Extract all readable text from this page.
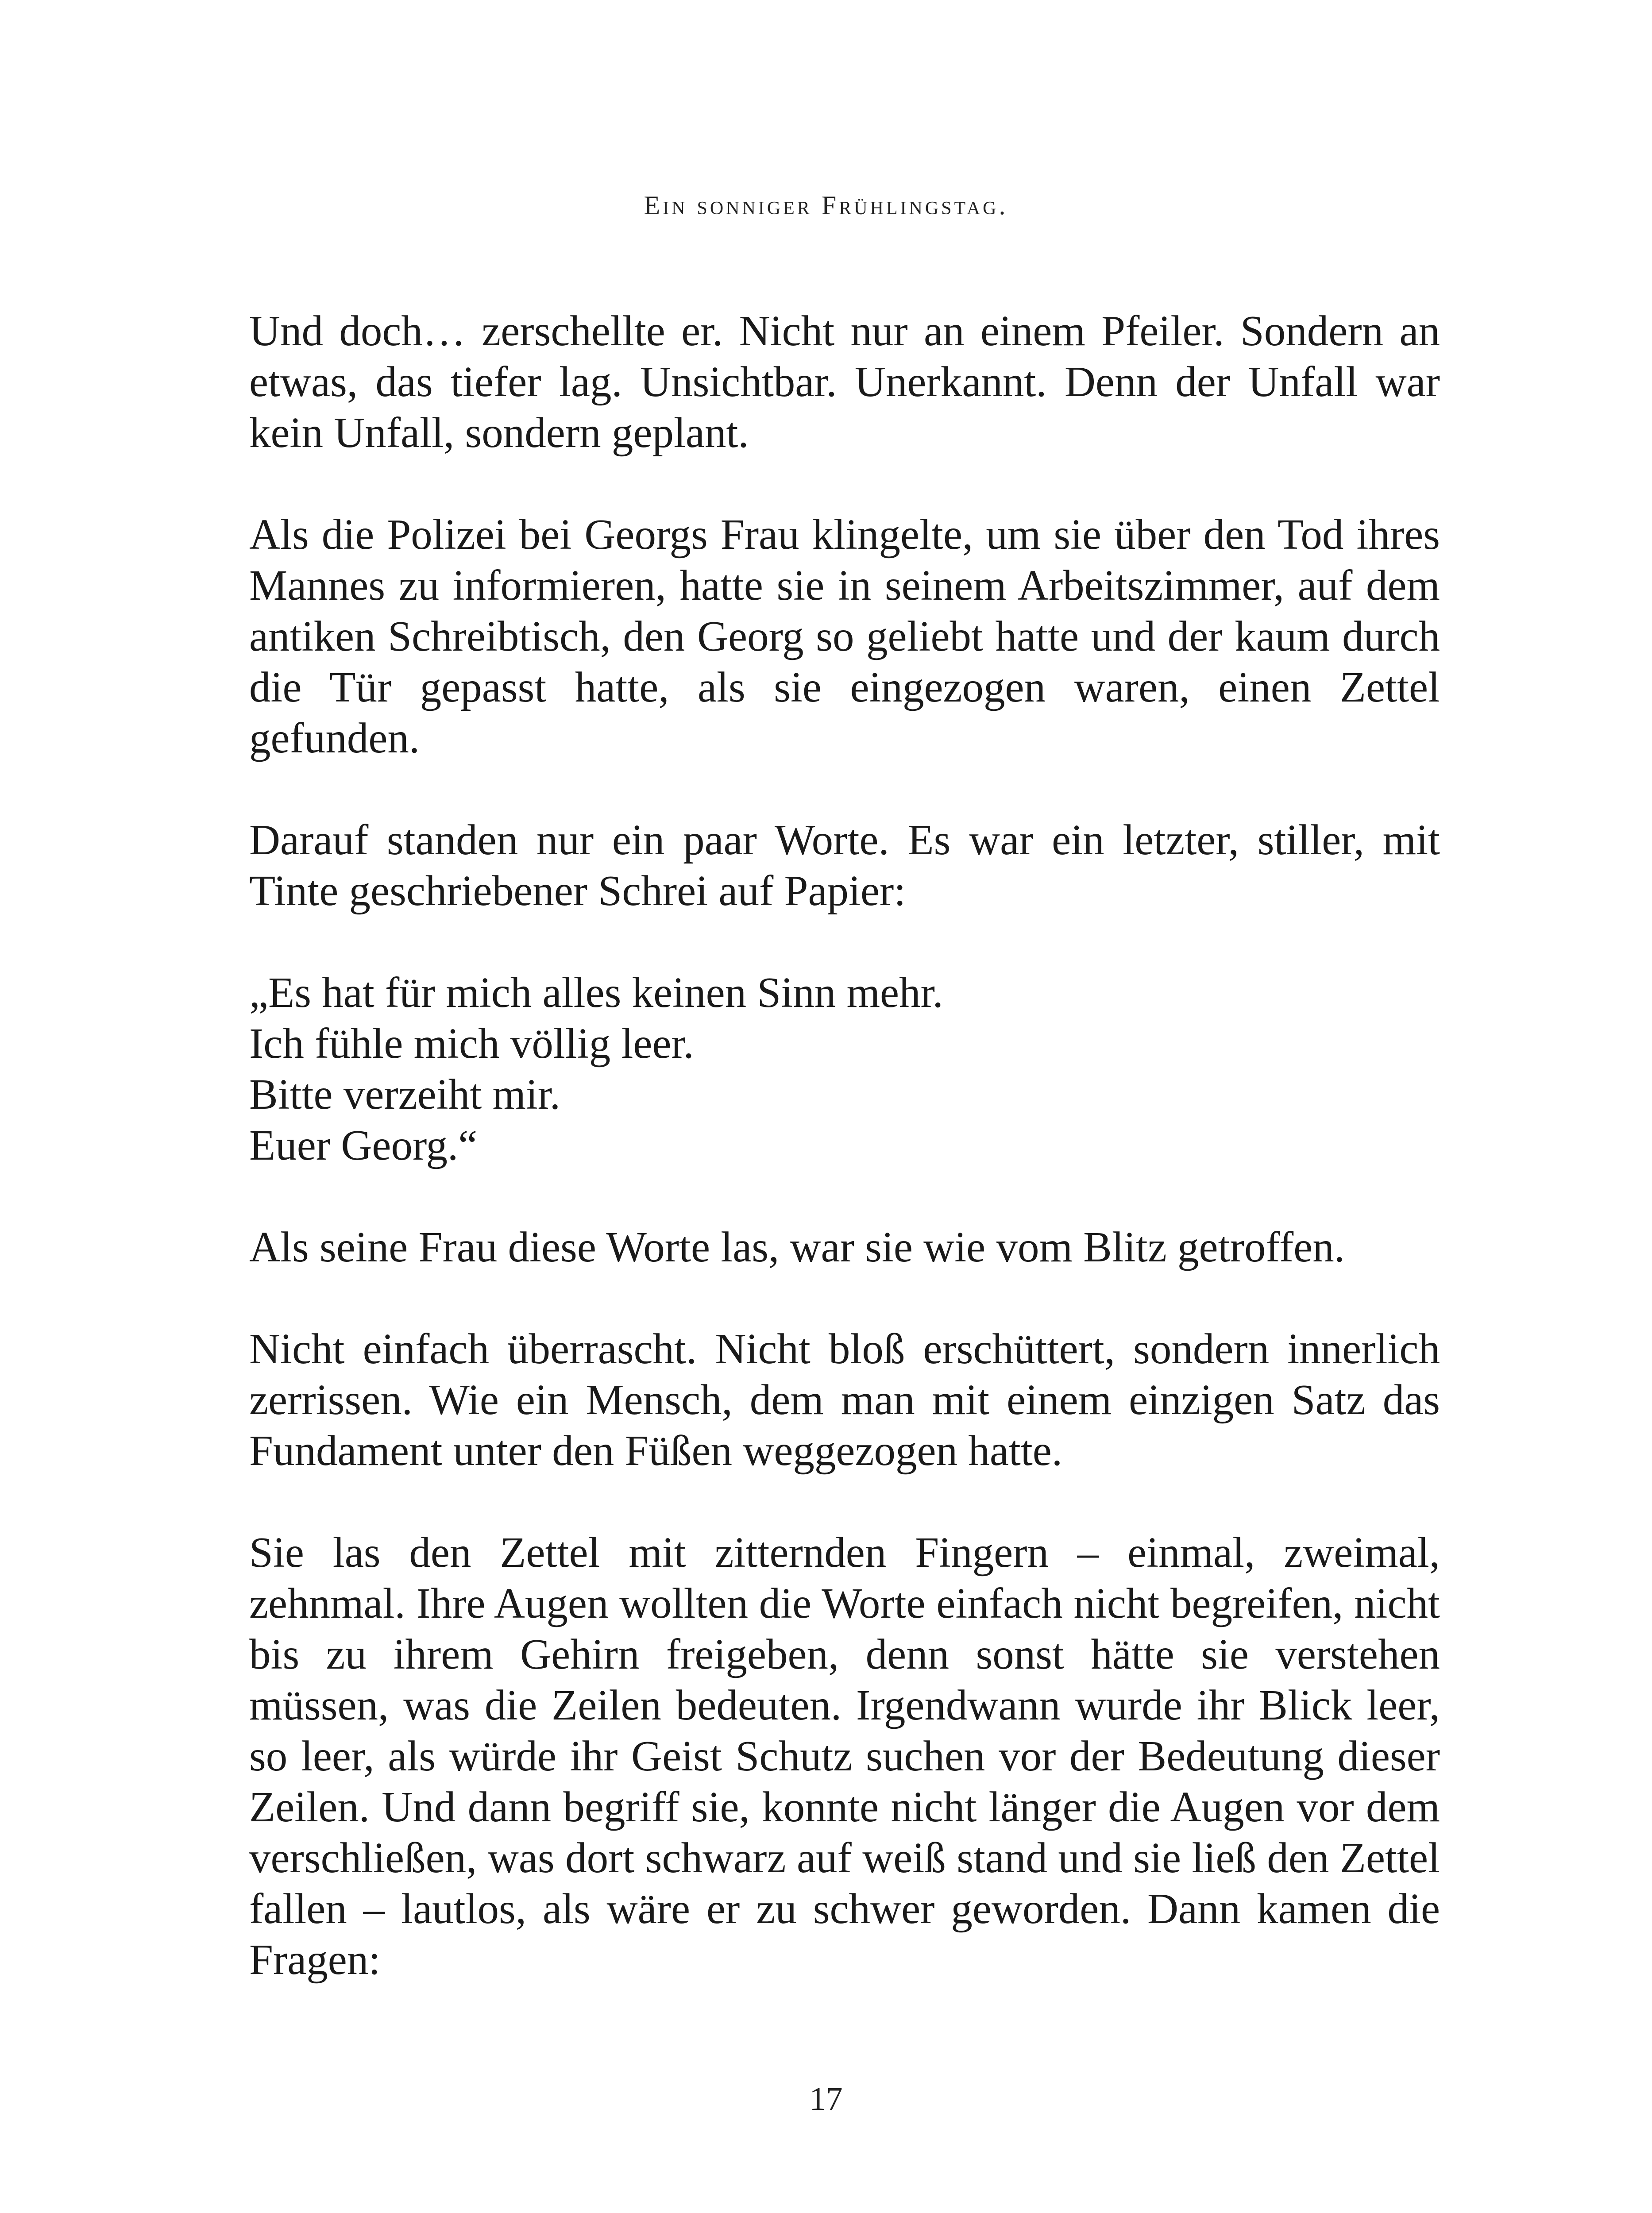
Ein sonniger Frühlingstag.

Und doch… zerschellte er. Nicht nur an einem Pfeiler. Sondern an etwas, das tiefer lag. Unsichtbar. Unerkannt. Denn der Unfall war kein Unfall, sondern geplant.

Als die Polizei bei Georgs Frau klingelte, um sie über den Tod ihres Mannes zu informieren, hatte sie in seinem Arbeitszimmer, auf dem antiken Schreibtisch, den Georg so geliebt hatte und der kaum durch die Tür gepasst hatte, als sie eingezogen waren, einen Zettel gefunden.

Darauf standen nur ein paar Worte. Es war ein letzter, stiller, mit Tinte geschriebener Schrei auf Papier:

„Es hat für mich alles keinen Sinn mehr.
Ich fühle mich völlig leer.
Bitte verzeiht mir.
Euer Georg.“

Als seine Frau diese Worte las, war sie wie vom Blitz getroffen.

Nicht einfach überrascht. Nicht bloß erschüttert, sondern innerlich zerrissen. Wie ein Mensch, dem man mit einem einzigen Satz das Fundament unter den Füßen weggezogen hatte.

Sie las den Zettel mit zitternden Fingern – einmal, zweimal, zehnmal. Ihre Augen wollten die Worte einfach nicht begreifen, nicht bis zu ihrem Gehirn freigeben, denn sonst hätte sie verstehen müssen, was die Zeilen bedeuten. Irgendwann wurde ihr Blick leer, so leer, als würde ihr Geist Schutz suchen vor der Bedeutung dieser Zeilen. Und dann begriff sie, konnte nicht länger die Augen vor dem verschließen, was dort schwarz auf weiß stand und sie ließ den Zettel fallen – lautlos, als wäre er zu schwer geworden. Dann kamen die Fragen:

17
